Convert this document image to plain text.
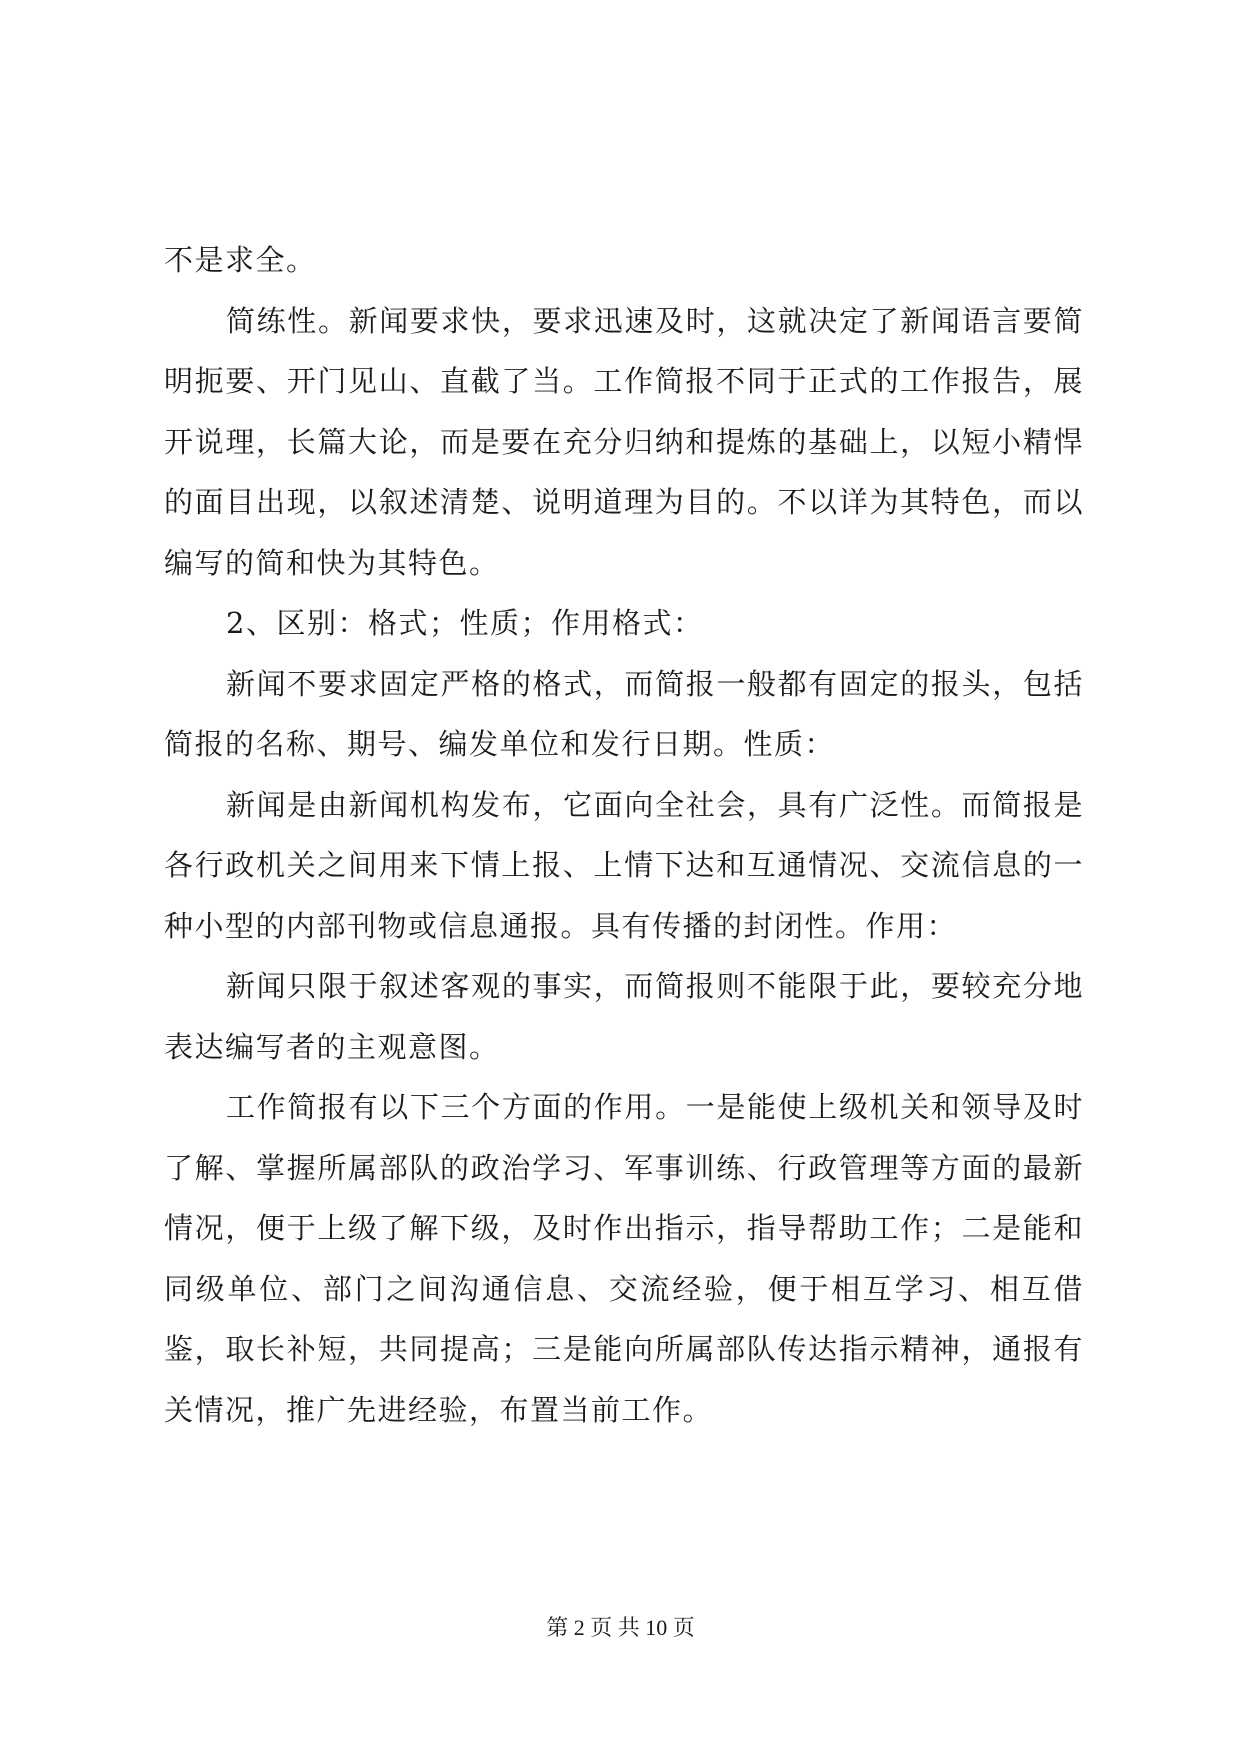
不是求全。

简练性。新闻要求快，要求迅速及时，这就决定了新闻语言要简明扼要、开门见山、直截了当。工作简报不同于正式的工作报告，展开说理，长篇大论，而是要在充分归纳和提炼的基础上，以短小精悍的面目出现，以叙述清楚、说明道理为目的。不以详为其特色，而以编写的简和快为其特色。

2、区别：格式；性质；作用格式：

新闻不要求固定严格的格式，而简报一般都有固定的报头，包括简报的名称、期号、编发单位和发行日期。性质：

新闻是由新闻机构发布，它面向全社会，具有广泛性。而简报是各行政机关之间用来下情上报、上情下达和互通情况、交流信息的一种小型的内部刊物或信息通报。具有传播的封闭性。作用：

新闻只限于叙述客观的事实，而简报则不能限于此，要较充分地表达编写者的主观意图。

工作简报有以下三个方面的作用。一是能使上级机关和领导及时了解、掌握所属部队的政治学习、军事训练、行政管理等方面的最新情况，便于上级了解下级，及时作出指示，指导帮助工作；二是能和同级单位、部门之间沟通信息、交流经验，便于相互学习、相互借鉴，取长补短，共同提高；三是能向所属部队传达指示精神，通报有关情况，推广先进经验，布置当前工作。

第 2 页 共 10 页
